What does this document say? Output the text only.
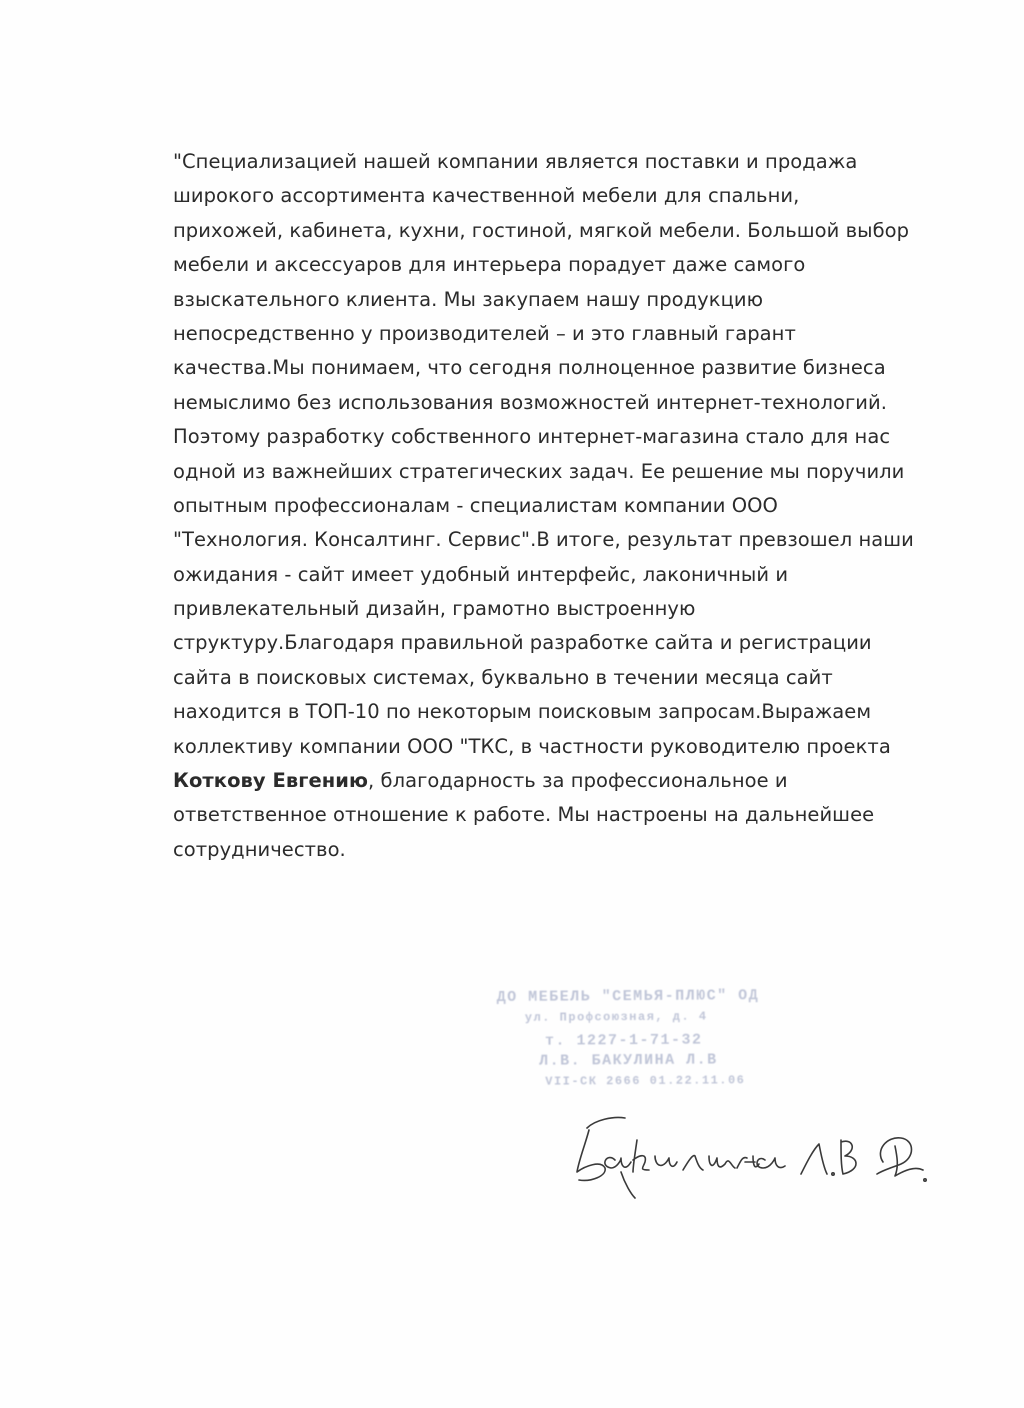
"Специализацией нашей компании является поставки и продажа
широкого ассортимента качественной мебели для спальни,
прихожей, кабинета, кухни, гостиной, мягкой мебели. Большой выбор
мебели и аксессуаров для интерьера порадует даже самого
взыскательного клиента. Мы закупаем нашу продукцию
непосредственно у производителей – и это главный гарант
качества.Мы понимаем, что сегодня полноценное развитие бизнеса
немыслимо без использования возможностей интернет-технологий.
Поэтому разработку собственного интернет-магазина стало для нас
одной из важнейших стратегических задач. Ее решение мы поручили
опытным профессионалам - специалистам компании ООО
"Технология. Консалтинг. Сервис".В итоге, результат превзошел наши
ожидания - сайт имеет удобный интерфейс, лаконичный и
привлекательный дизайн, грамотно выстроенную
структуру.Благодаря правильной разработке сайта и регистрации
сайта в поисковых системах, буквально в течении месяца сайт
находится в ТОП-10 по некоторым поисковым запросам.Выражаем
коллективу компании ООО "ТКС, в частности руководителю проекта
Коткову Евгению, благодарность за профессиональное и
ответственное отношение к работе. Мы настроены на дальнейшее
сотрудничество.
ДО МЕБЕЛЬ "СЕМЬЯ-ПЛЮС" ОД
ул. Профсоюзная, д. 4
т. 1227-1-71-32
Л.В. БАКУЛИНА Л.В
VII-СК 2666 01.22.11.06
